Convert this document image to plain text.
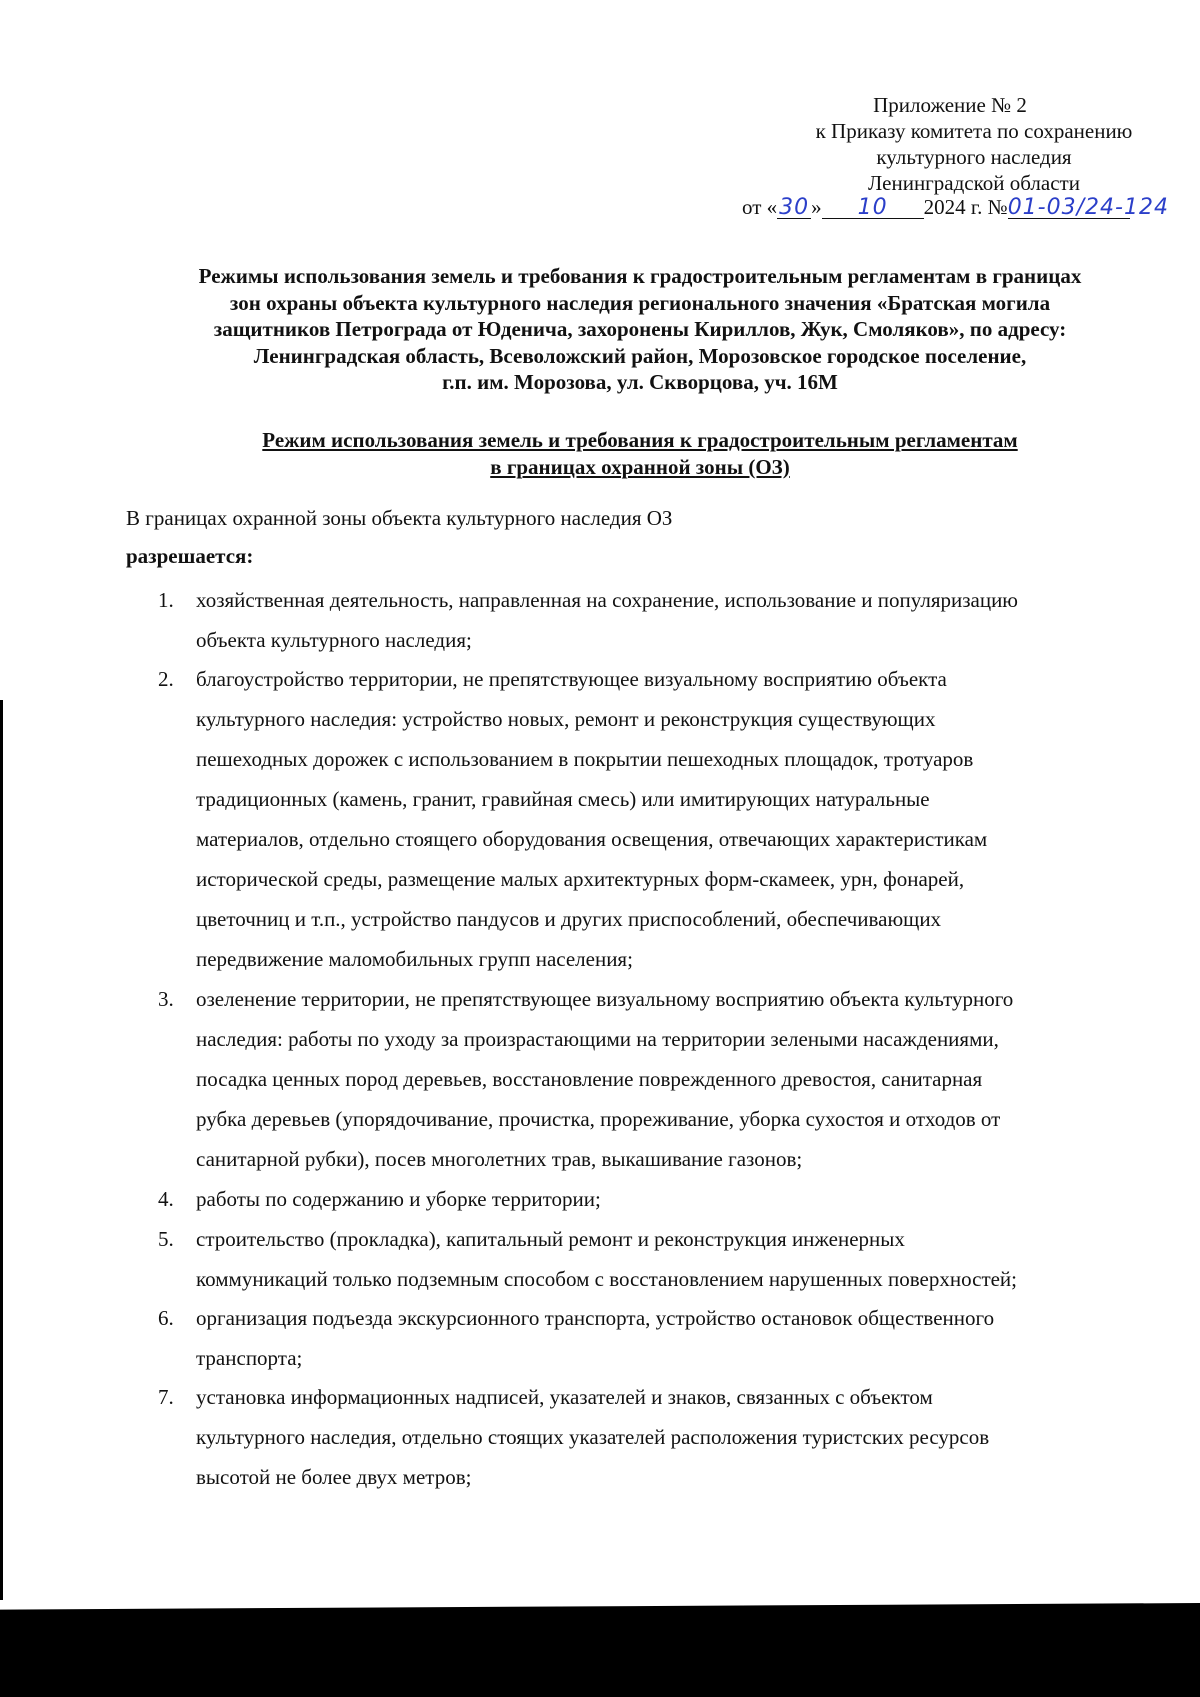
Приложение № 2
к Приказу комитета по сохранению
культурного наследия
Ленинградской области
от «30» 10 2024 г. №01-03/24-124
Режимы использования земель и требования к градостроительным регламентам в границах
зон охраны объекта культурного наследия регионального значения «Братская могила
защитников Петрограда от Юденича, захоронены Кириллов, Жук, Смоляков», по адресу:
Ленинградская область, Всеволожский район, Морозовское городское поселение,
г.п. им. Морозова, ул. Скворцова, уч. 16М
Режим использования земель и требования к градостроительным регламентам
в границах охранной зоны (ОЗ)
В границах охранной зоны объекта культурного наследия ОЗ
разрешается:
1.	хозяйственная деятельность, направленная на сохранение, использование и популяризацию
объекта культурного наследия;
2.	благоустройство территории, не препятствующее визуальному восприятию объекта
культурного наследия: устройство новых, ремонт и реконструкция существующих
пешеходных дорожек с использованием в покрытии пешеходных площадок, тротуаров
традиционных (камень, гранит, гравийная смесь) или имитирующих натуральные
материалов, отдельно стоящего оборудования освещения, отвечающих характеристикам
исторической среды, размещение малых архитектурных форм-скамеек, урн, фонарей,
цветочниц и т.п., устройство пандусов и других приспособлений, обеспечивающих
передвижение маломобильных групп населения;
3.	озеленение территории, не препятствующее визуальному восприятию объекта культурного
наследия: работы по уходу за произрастающими на территории зелеными насаждениями,
посадка ценных пород деревьев, восстановление поврежденного древостоя, санитарная
рубка деревьев (упорядочивание, прочистка, прореживание, уборка сухостоя и отходов от
санитарной рубки), посев многолетних трав, выкашивание газонов;
4.	работы по содержанию и уборке территории;
5.	строительство (прокладка), капитальный ремонт и реконструкция инженерных
коммуникаций только подземным способом с восстановлением нарушенных поверхностей;
6.	организация подъезда экскурсионного транспорта, устройство остановок общественного
транспорта;
7.	установка информационных надписей, указателей и знаков, связанных с объектом
культурного наследия, отдельно стоящих указателей расположения туристских ресурсов
высотой не более двух метров;
